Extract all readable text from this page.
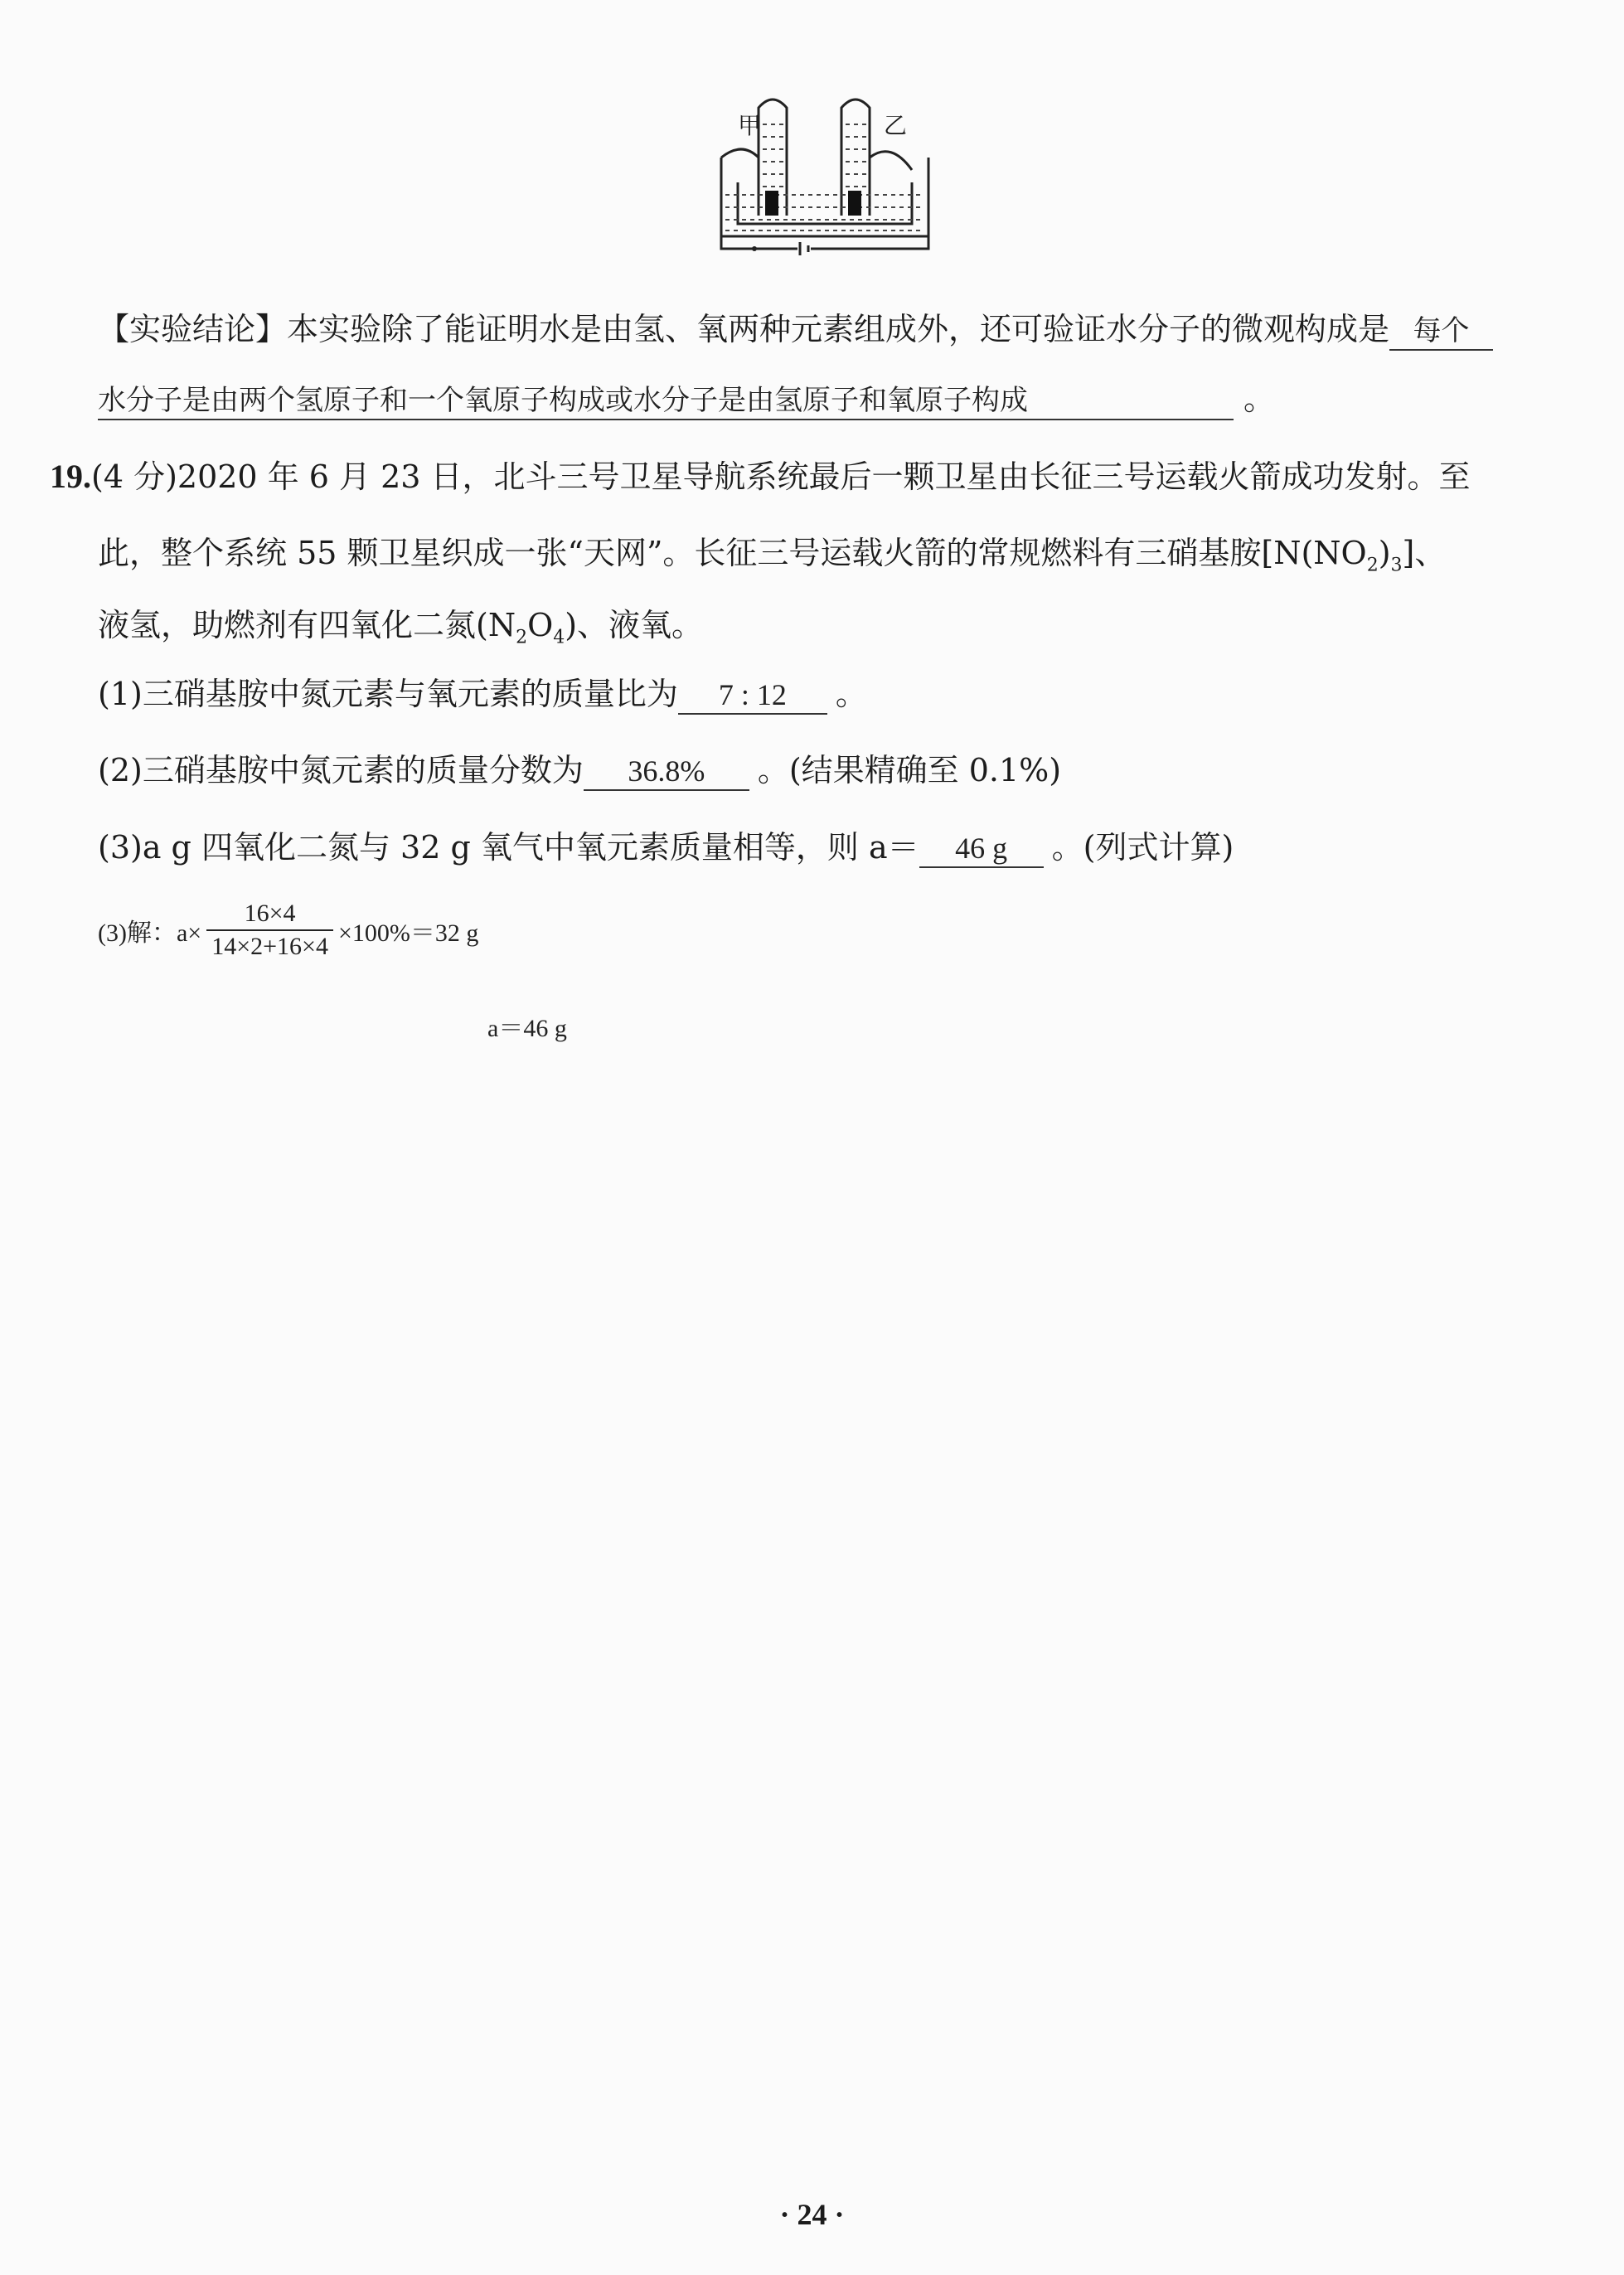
甲	乙
【实验结论】本实验除了能证明水是由氢、氧两种元素组成外，还可验证水分子的微观构成是 每个
水分子是由两个氢原子和一个氧原子构成或水分子是由氢原子和氧原子构成	。
19.(4 分)2020 年 6 月 23 日，北斗三号卫星导航系统最后一颗卫星由长征三号运载火箭成功发射。至
此，整个系统 55 颗卫星织成一张“天网”。长征三号运载火箭的常规燃料有三硝基胺$[N(NO_2)_3]$、
液氢，助燃剂有四氧化二氮$(N_2O_4)$、液氧。
(1)三硝基胺中氮元素与氧元素的质量比为 7 : 12 。
(2)三硝基胺中氮元素的质量分数为 36.8% 。(结果精确至 0.1%)
(3)a g 四氧化二氮与 32 g 氧气中氧元素质量相等，则 a＝ 46 g 。(列式计算)
(3)解：$a\times \frac{16\times 4}{14\times 2+16\times 4} \times 100\%=32$ g
a＝46 g
· 24 ·
